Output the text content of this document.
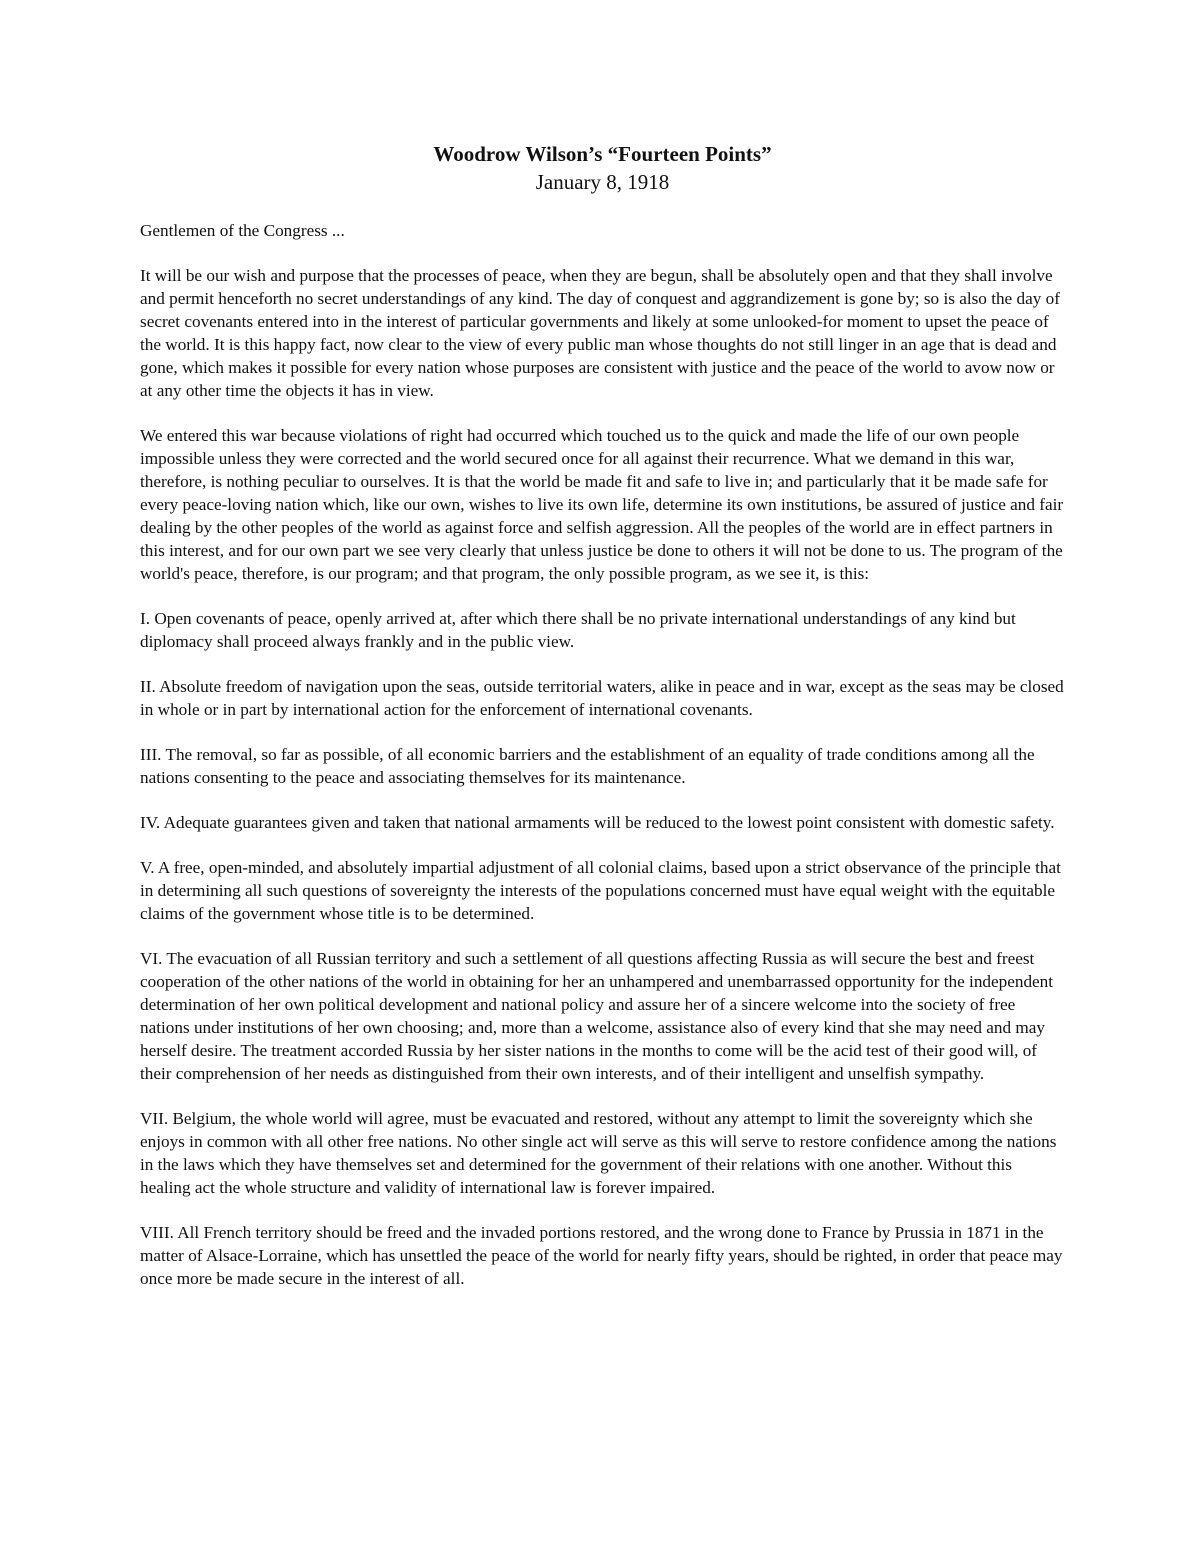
Woodrow Wilson’s “Fourteen Points”

January 8, 1918

Gentlemen of the Congress ...

It will be our wish and purpose that the processes of peace, when they are begun, shall be absolutely open and that they shall involve and permit henceforth no secret understandings of any kind. The day of conquest and aggrandizement is gone by; so is also the day of secret covenants entered into in the interest of particular governments and likely at some unlooked-for moment to upset the peace of the world. It is this happy fact, now clear to the view of every public man whose thoughts do not still linger in an age that is dead and gone, which makes it possible for every nation whose purposes are consistent with justice and the peace of the world to avow now or at any other time the objects it has in view.

We entered this war because violations of right had occurred which touched us to the quick and made the life of our own people impossible unless they were corrected and the world secured once for all against their recurrence. What we demand in this war, therefore, is nothing peculiar to ourselves. It is that the world be made fit and safe to live in; and particularly that it be made safe for every peace-loving nation which, like our own, wishes to live its own life, determine its own institutions, be assured of justice and fair dealing by the other peoples of the world as against force and selfish aggression. All the peoples of the world are in effect partners in this interest, and for our own part we see very clearly that unless justice be done to others it will not be done to us. The program of the world's peace, therefore, is our program; and that program, the only possible program, as we see it, is this:

I. Open covenants of peace, openly arrived at, after which there shall be no private international understandings of any kind but diplomacy shall proceed always frankly and in the public view.

II. Absolute freedom of navigation upon the seas, outside territorial waters, alike in peace and in war, except as the seas may be closed in whole or in part by international action for the enforcement of international covenants.

III. The removal, so far as possible, of all economic barriers and the establishment of an equality of trade conditions among all the nations consenting to the peace and associating themselves for its maintenance.

IV. Adequate guarantees given and taken that national armaments will be reduced to the lowest point consistent with domestic safety.

V. A free, open-minded, and absolutely impartial adjustment of all colonial claims, based upon a strict observance of the principle that in determining all such questions of sovereignty the interests of the populations concerned must have equal weight with the equitable claims of the government whose title is to be determined.

VI. The evacuation of all Russian territory and such a settlement of all questions affecting Russia as will secure the best and freest cooperation of the other nations of the world in obtaining for her an unhampered and unembarrassed opportunity for the independent determination of her own political development and national policy and assure her of a sincere welcome into the society of free nations under institutions of her own choosing; and, more than a welcome, assistance also of every kind that she may need and may herself desire. The treatment accorded Russia by her sister nations in the months to come will be the acid test of their good will, of their comprehension of her needs as distinguished from their own interests, and of their intelligent and unselfish sympathy.

VII. Belgium, the whole world will agree, must be evacuated and restored, without any attempt to limit the sovereignty which she enjoys in common with all other free nations. No other single act will serve as this will serve to restore confidence among the nations in the laws which they have themselves set and determined for the government of their relations with one another. Without this healing act the whole structure and validity of international law is forever impaired.

VIII. All French territory should be freed and the invaded portions restored, and the wrong done to France by Prussia in 1871 in the matter of Alsace-Lorraine, which has unsettled the peace of the world for nearly fifty years, should be righted, in order that peace may once more be made secure in the interest of all.
